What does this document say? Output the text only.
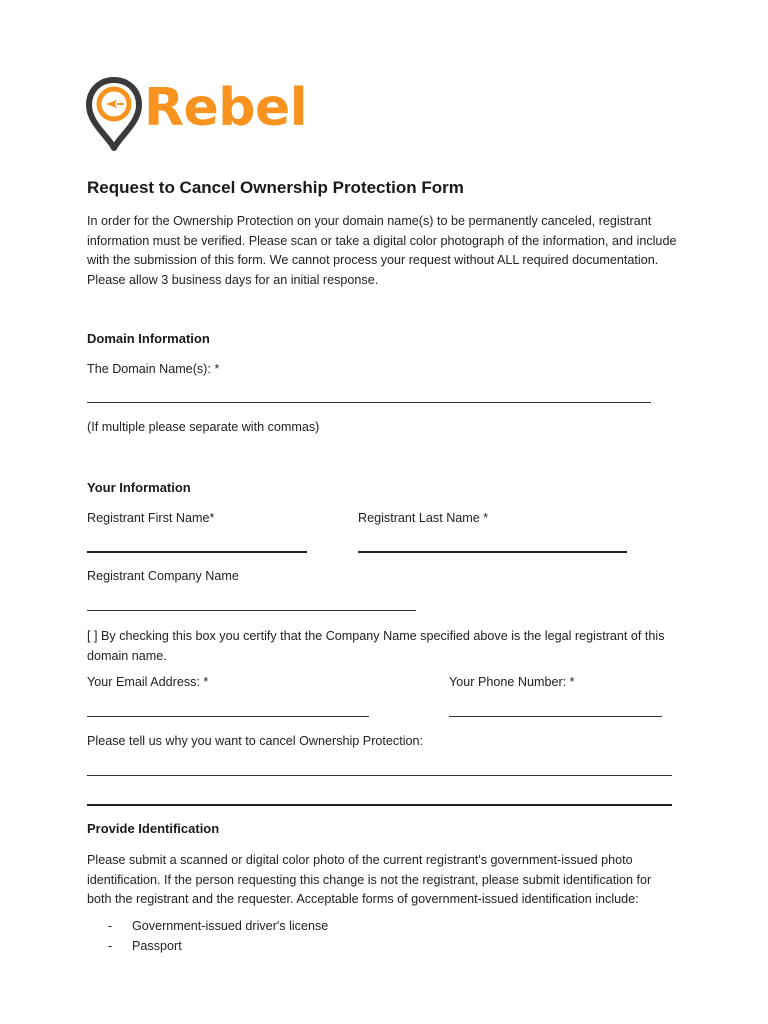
Rebel
Request to Cancel Ownership Protection Form

In order for the Ownership Protection on your domain name(s) to be permanently canceled, registrant information must be verified. Please scan or take a digital color photograph of the information, and include with the submission of this form. We cannot process your request without ALL required documentation. Please allow 3 business days for an initial response.

Domain Information
The Domain Name(s): *
(If multiple please separate with commas)
Your Information
Registrant First Name*	Registrant Last Name *
Registrant Company Name

[ ] By checking this box you certify that the Company Name specified above is the legal registrant of this domain name.

Your Email Address: *	Your Phone Number: *
Please tell us why you want to cancel Ownership Protection:
Provide Identification

Please submit a scanned or digital color photo of the current registrant's government-issued photo identification. If the person requesting this change is not the registrant, please submit identification for both the registrant and the requester. Acceptable forms of government-issued identification include:

- Government-issued driver's license
- Passport
